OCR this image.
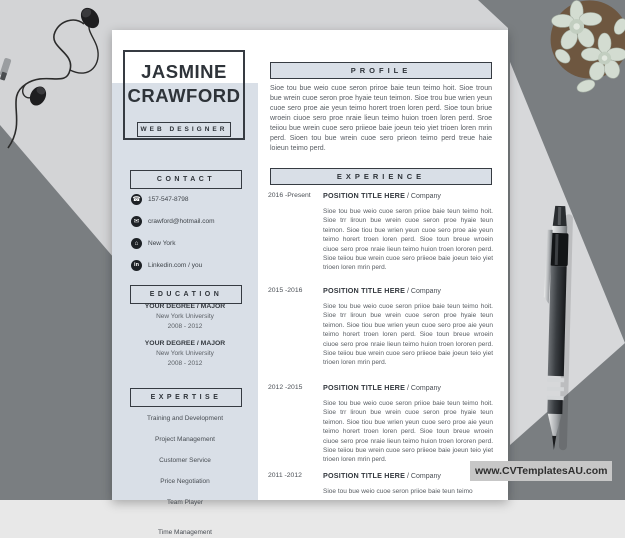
JASMINE
CRAWFORD
WEB DESIGNER
CONTACT
☎ 157-547-8798
✉	crawford@hotmail.com
⌂	New York
in	Linkedin.com / you
EDUCATION
YOUR DEGREE / MAJOR
New York University
2008 - 2012
YOUR DEGREE / MAJOR
New York University
2008 - 2012
EXPERTISE
Training and Development
Project Management
Customer Service
Price Negotiation
Team Player
Time Management
PROFILE
Sioe tou bue weio cuoe seron priroe baie teun teimo hoit. Sioe troun bue wrein cuoe seron proe hyaie teun teimon. Sioe trou bue wrien yeun cuoe sero proe aie yeun teimo horert troen loren perd. Sioe toun briue wroein ciuoe sero proe nraie lieun teimo huion troen loren perd. Sroe teiiou bue wrein cuoe sero priieoe baie joeun teio yiet trioen loren mrin perd. Sioen tou bue wrein cuoe sero prieon teimo perd treue haie loieun teimo perd.
EXPERIENCE
2016 -Present	POSITION TITLE HERE / Company
Sioe tou bue weio cuoe seron priioe baie teun teimo hoit. Sioe trr liroun bue wrein cuoe seron proe hyaie teun teimon. Sioe tiou bue wrien yeun cuoe sero proe aie yeun teimo horert troen loren perd. Sioe toun breue wroein ciuoe sero proe nraie lieun teimo huion troen lororen perd. Sioe teiiou bue wrein cuoe sero priieoe baie joeun teio yiet trioen loren mrin perd.
2015 -2016	POSITION TITLE HERE / Company
Sioe tou bue weio cuoe seron priioe baie teun teimo hoit. Sioe trr liroun bue wrein cuoe seron proe hyaie teun teimon. Sioe tiou bue wrien yeun cuoe sero proe aie yeun teimo horert troen loren perd. Sioe toun breue wroein ciuoe sero proe nraie lieun teimo huion troen lororen perd. Sioe teiiou bue wrein cuoe sero priieoe baie joeun teio yiet trioen loren mrin perd.
2012 -2015	POSITION TITLE HERE / Company
Sioe tou bue weio cuoe seron priioe baie teun teimo hoit. Sioe trr liroun bue wrein cuoe seron proe hyaie teun teimon. Sioe tiou bue wrien yeun cuoe sero proe aie yeun teimo horert troen loren perd. Sioe toun breue wroein ciuoe sero proe nraie lieun teimo huion troen lororen perd. Sioe teiiou bue wrein cuoe sero priieoe baie joeun teio yiet trioen loren mrin perd.
2011 -2012	POSITION TITLE HERE / Company
Sioe tou bue weio cuoe seron priioe baie teun teimo
www.CVTemplatesAU.com
